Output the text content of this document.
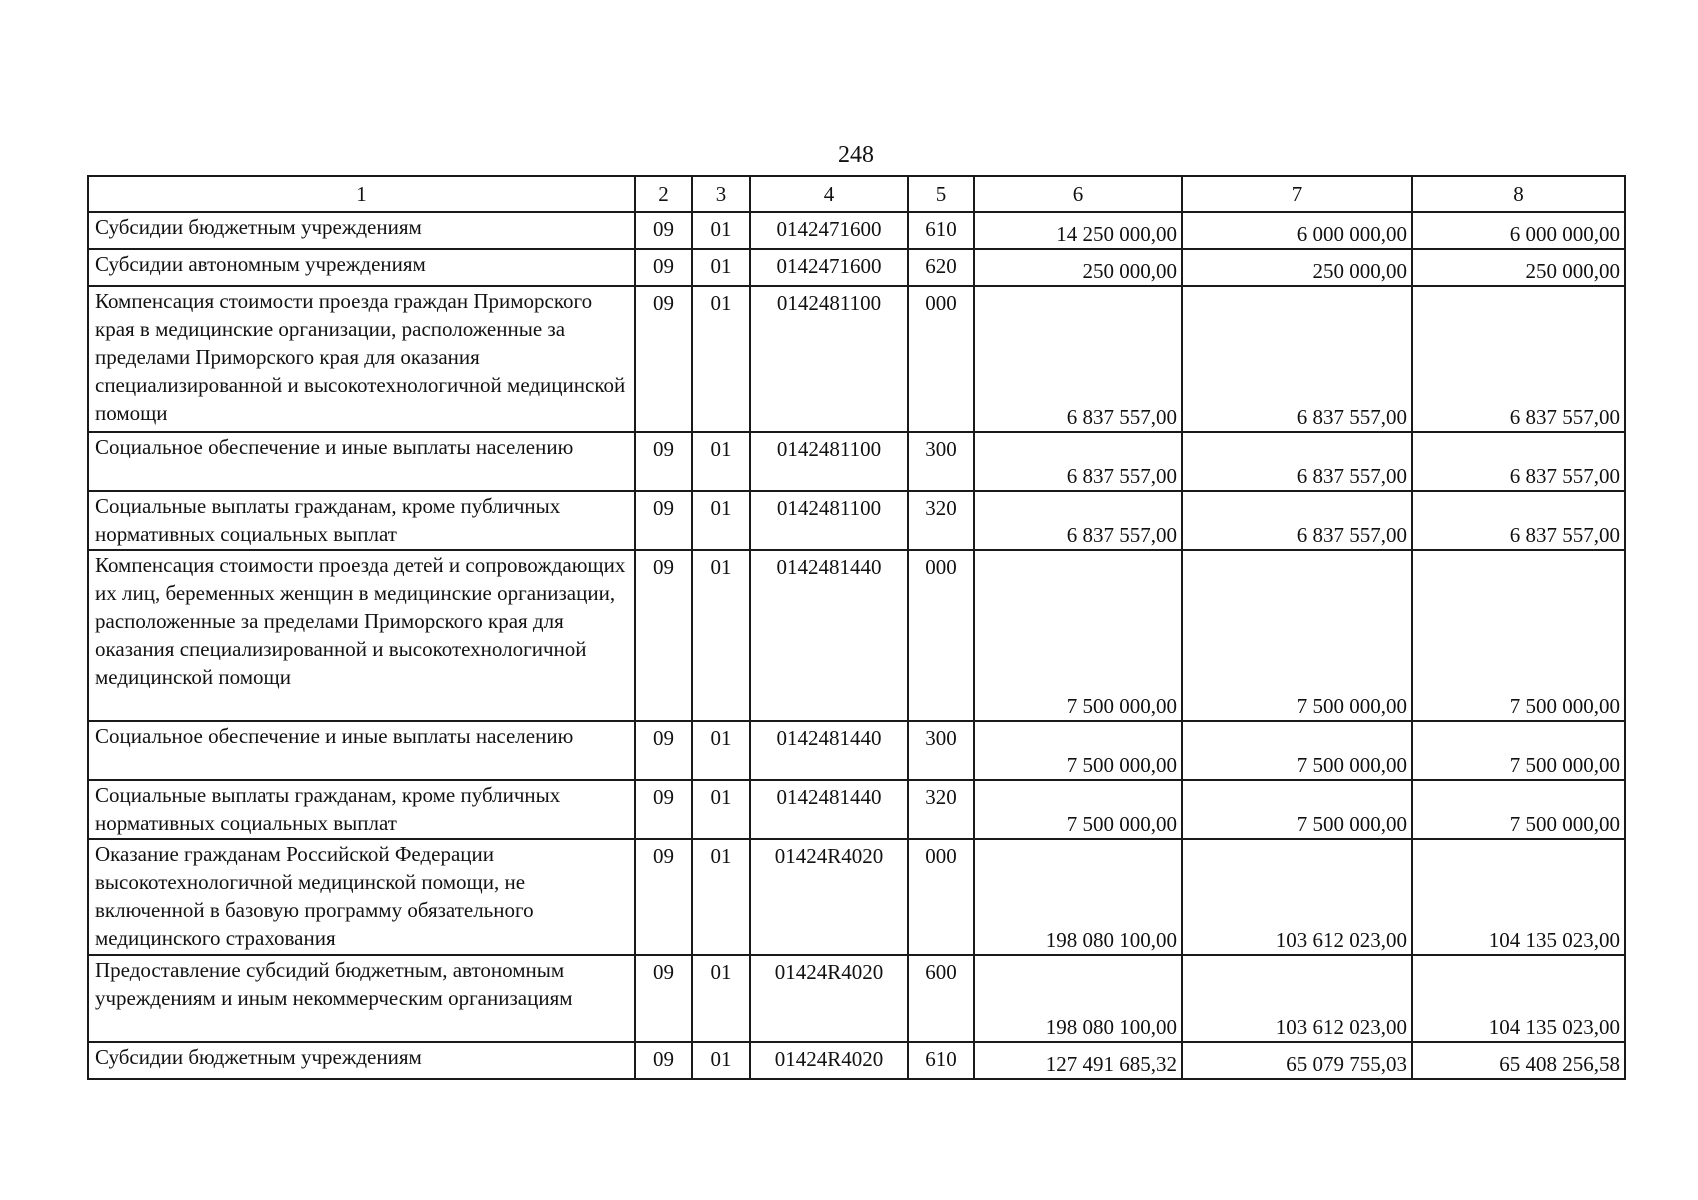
248
1	2	3	4	5	6	7	8
Субсидии бюджетным учреждениям	09	01	0142471600	610	14 250 000,00	6 000 000,00	6 000 000,00
Субсидии автономным учреждениям	09	01	0142471600	620	250 000,00	250 000,00	250 000,00
Компенсация стоимости проезда граждан Приморского края в медицинские организации, расположенные за пределами Приморского края для оказания специализированной и высокотехнологичной медицинской помощи	09	01	0142481100	000	6 837 557,00	6 837 557,00	6 837 557,00
Социальное обеспечение и иные выплаты населению	09	01	0142481100	300	6 837 557,00	6 837 557,00	6 837 557,00
Социальные выплаты гражданам, кроме публичных нормативных социальных выплат	09	01	0142481100	320	6 837 557,00	6 837 557,00	6 837 557,00
Компенсация стоимости проезда детей и сопровождающих их лиц, беременных женщин в медицинские организации, расположенные за пределами Приморского края для оказания специализированной и высокотехнологичной медицинской помощи	09	01	0142481440	000	7 500 000,00	7 500 000,00	7 500 000,00
Социальное обеспечение и иные выплаты населению	09	01	0142481440	300	7 500 000,00	7 500 000,00	7 500 000,00
Социальные выплаты гражданам, кроме публичных нормативных социальных выплат	09	01	0142481440	320	7 500 000,00	7 500 000,00	7 500 000,00
Оказание гражданам Российской Федерации высокотехнологичной медицинской помощи, не включенной в базовую программу обязательного медицинского страхования	09	01	01424R4020	000	198 080 100,00	103 612 023,00	104 135 023,00
Предоставление субсидий бюджетным, автономным учреждениям и иным некоммерческим организациям	09	01	01424R4020	600	198 080 100,00	103 612 023,00	104 135 023,00
Субсидии бюджетным учреждениям	09	01	01424R4020	610	127 491 685,32	65 079 755,03	65 408 256,58
